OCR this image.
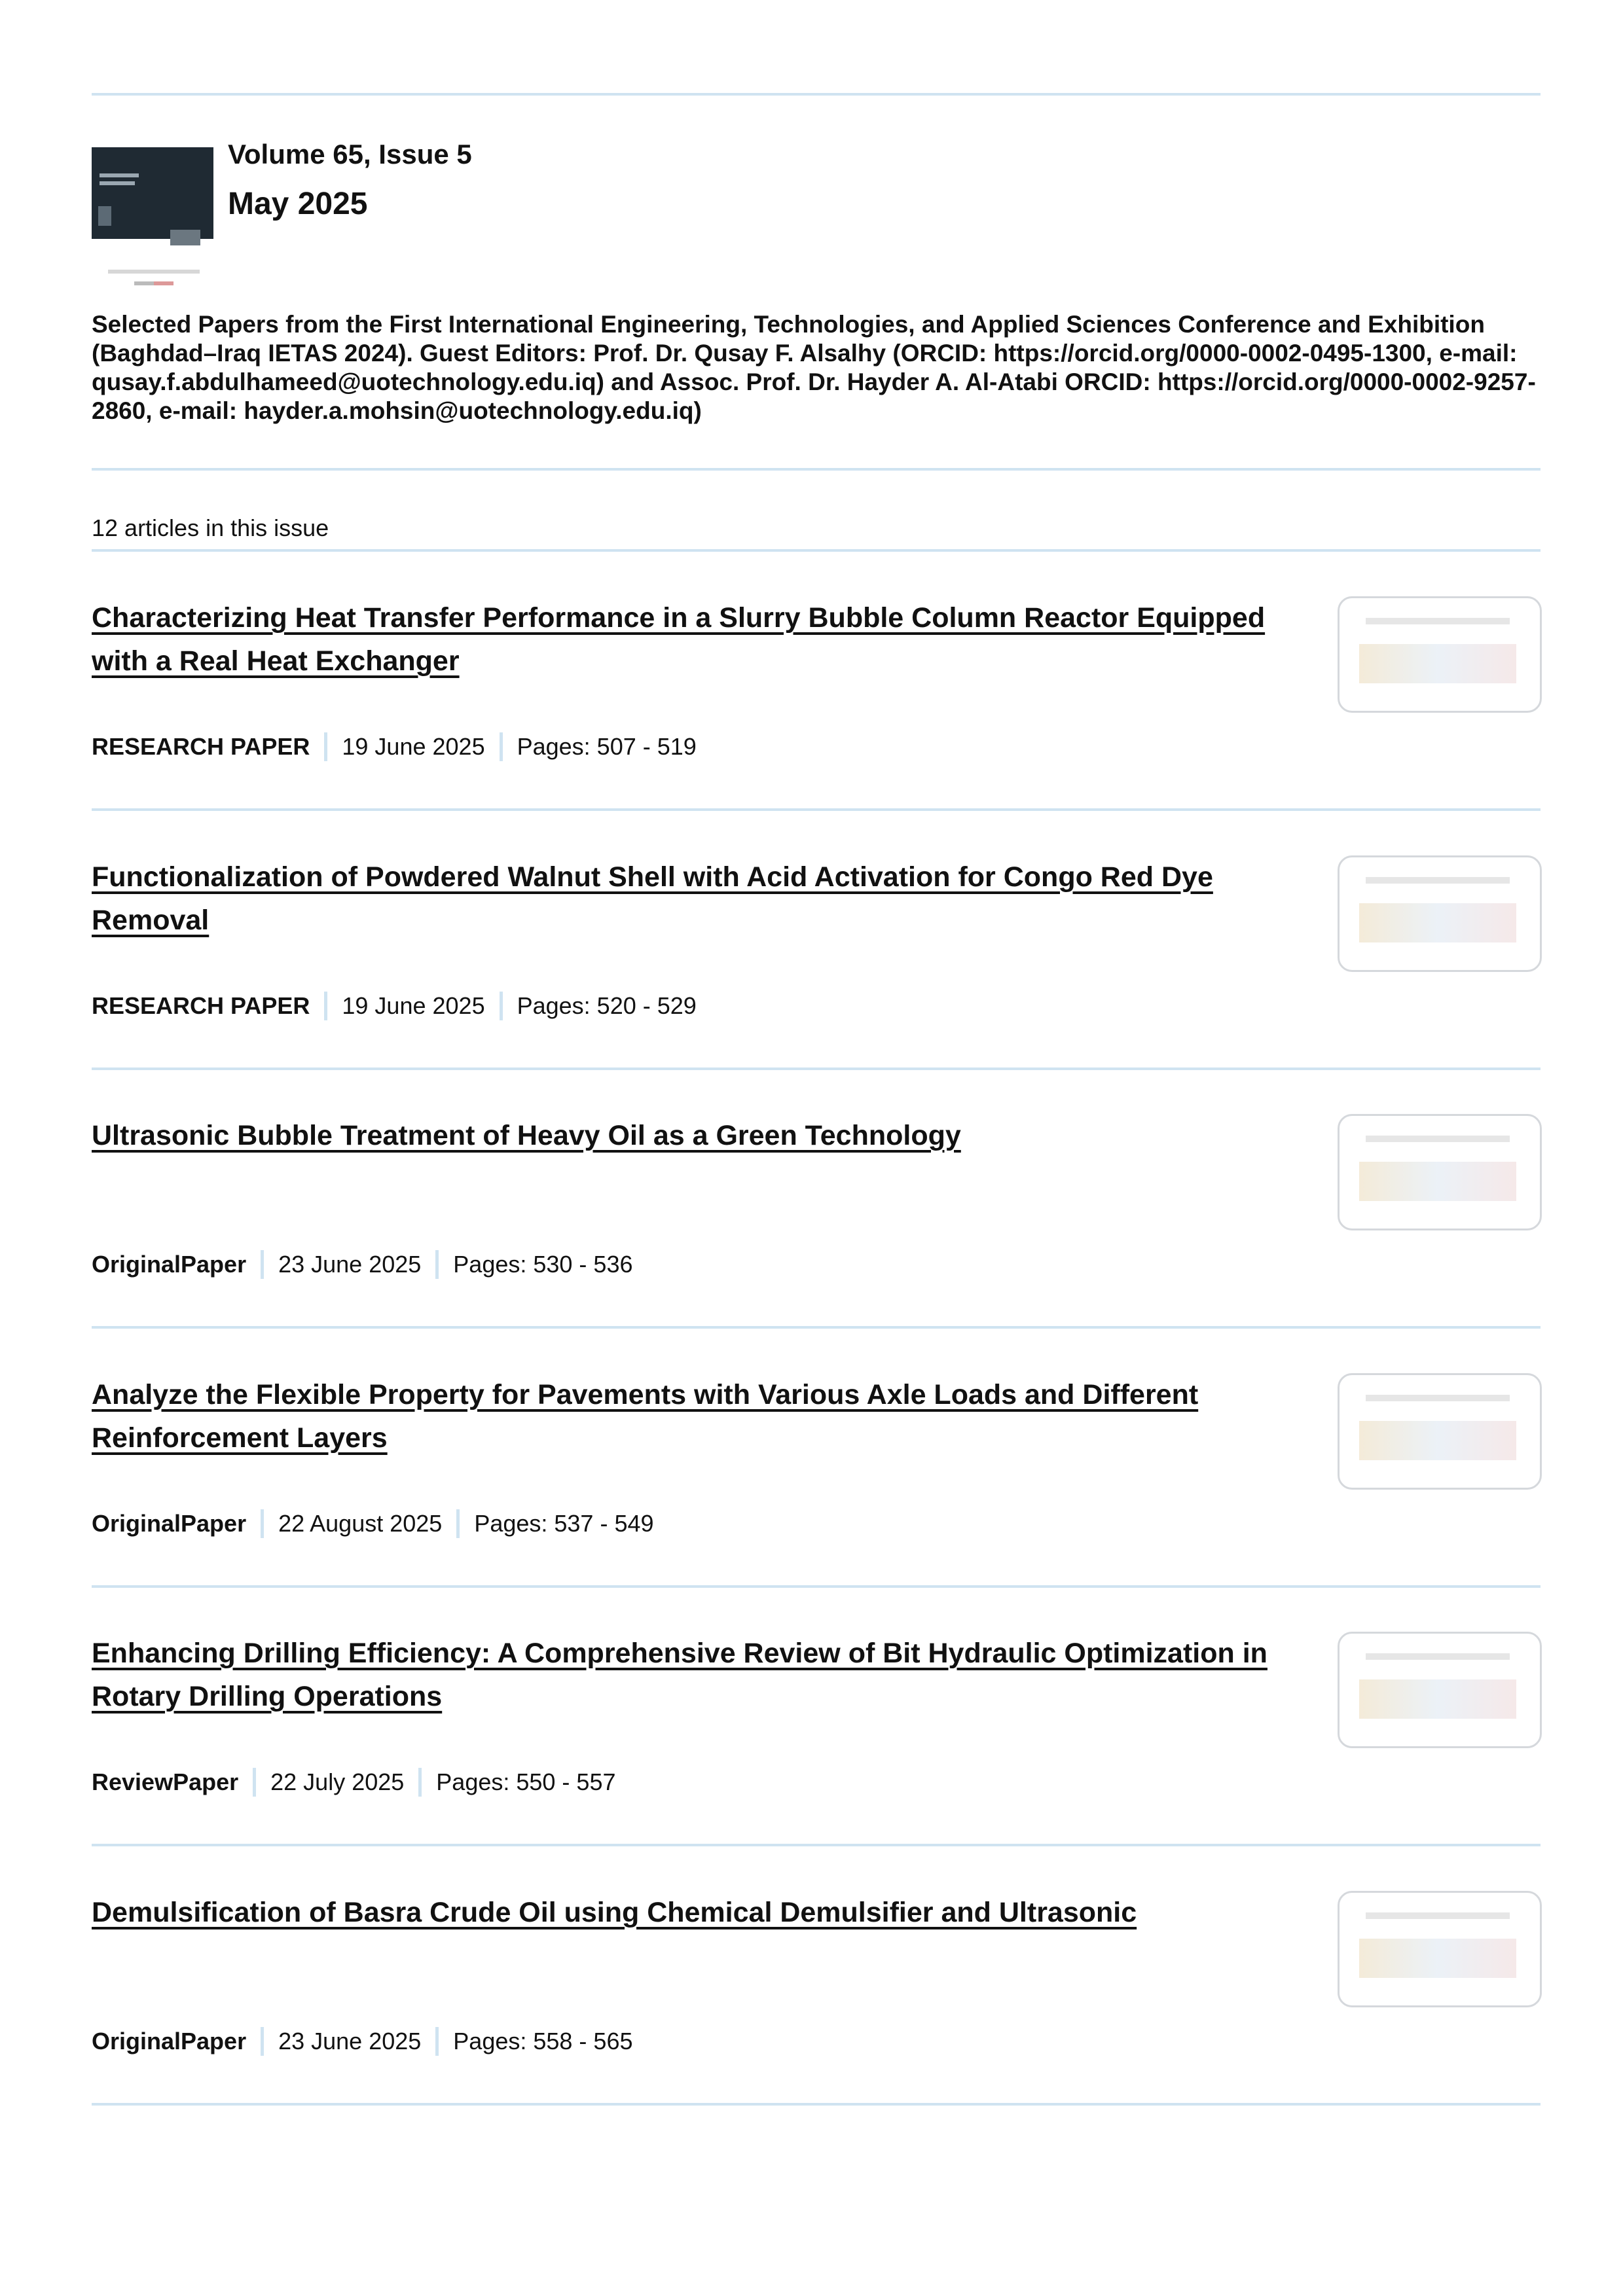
Volume 65, Issue 5
May 2025
Selected Papers from the First International Engineering, Technologies, and Applied Sciences Conference and Exhibition (Baghdad–Iraq IETAS 2024). Guest Editors: Prof. Dr. Qusay F. Alsalhy (ORCID: https://orcid.org/0000-0002-0495-1300, e-mail: qusay.f.abdulhameed@uotechnology.edu.iq) and Assoc. Prof. Dr. Hayder A. Al-Atabi ORCID: https://orcid.org/0000-0002-9257-2860, e-mail: hayder.a.mohsin@uotechnology.edu.iq)
12 articles in this issue
Characterizing Heat Transfer Performance in a Slurry Bubble Column Reactor Equipped with a Real Heat Exchanger
RESEARCH PAPER 19 June 2025 Pages: 507 - 519
Functionalization of Powdered Walnut Shell with Acid Activation for Congo Red Dye Removal
RESEARCH PAPER 19 June 2025 Pages: 520 - 529
Ultrasonic Bubble Treatment of Heavy Oil as a Green Technology
OriginalPaper 23 June 2025 Pages: 530 - 536
Analyze the Flexible Property for Pavements with Various Axle Loads and Different Reinforcement Layers
OriginalPaper 22 August 2025 Pages: 537 - 549
Enhancing Drilling Efficiency: A Comprehensive Review of Bit Hydraulic Optimization in Rotary Drilling Operations
ReviewPaper 22 July 2025 Pages: 550 - 557
Demulsification of Basra Crude Oil using Chemical Demulsifier and Ultrasonic
OriginalPaper 23 June 2025 Pages: 558 - 565
